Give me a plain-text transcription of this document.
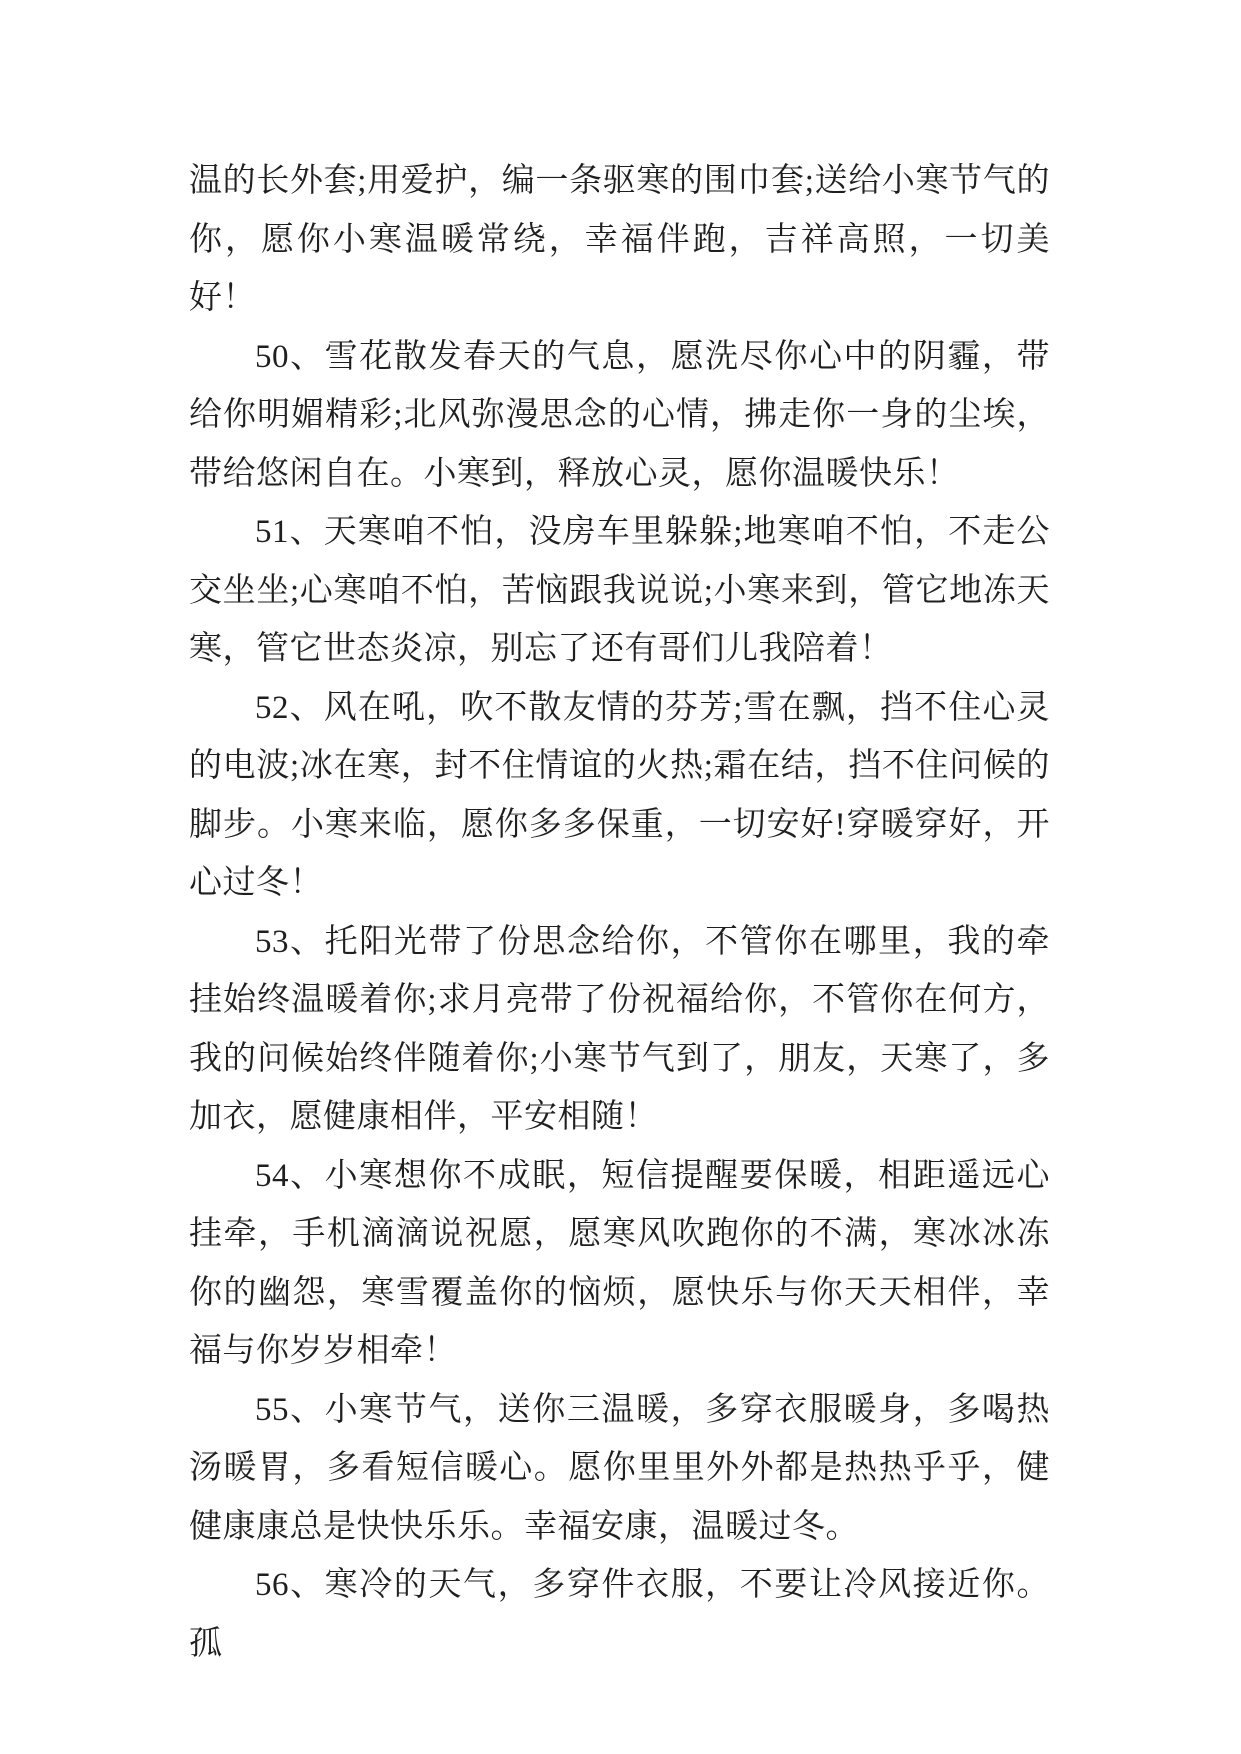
温的长外套;用爱护，编一条驱寒的围巾套;送给小寒节气的你，愿你小寒温暖常绕，幸福伴跑，吉祥高照，一切美好！

50、雪花散发春天的气息，愿洗尽你心中的阴霾，带给你明媚精彩;北风弥漫思念的心情，拂走你一身的尘埃，带给悠闲自在。小寒到，释放心灵，愿你温暖快乐！

51、天寒咱不怕，没房车里躲躲;地寒咱不怕，不走公交坐坐;心寒咱不怕，苦恼跟我说说;小寒来到，管它地冻天寒，管它世态炎凉，别忘了还有哥们儿我陪着！

52、风在吼，吹不散友情的芬芳;雪在飘，挡不住心灵的电波;冰在寒，封不住情谊的火热;霜在结，挡不住问候的脚步。小寒来临，愿你多多保重，一切安好!穿暖穿好，开心过冬！

53、托阳光带了份思念给你，不管你在哪里，我的牵挂始终温暖着你;求月亮带了份祝福给你，不管你在何方，我的问候始终伴随着你;小寒节气到了，朋友，天寒了，多加衣，愿健康相伴，平安相随！

54、小寒想你不成眠，短信提醒要保暖，相距遥远心挂牵，手机滴滴说祝愿，愿寒风吹跑你的不满，寒冰冰冻你的幽怨，寒雪覆盖你的恼烦，愿快乐与你天天相伴，幸福与你岁岁相牵！

55、小寒节气，送你三温暖，多穿衣服暖身，多喝热汤暖胃，多看短信暖心。愿你里里外外都是热热乎乎，健健康康总是快快乐乐。幸福安康，温暖过冬。

56、寒冷的天气，多穿件衣服，不要让冷风接近你。孤
